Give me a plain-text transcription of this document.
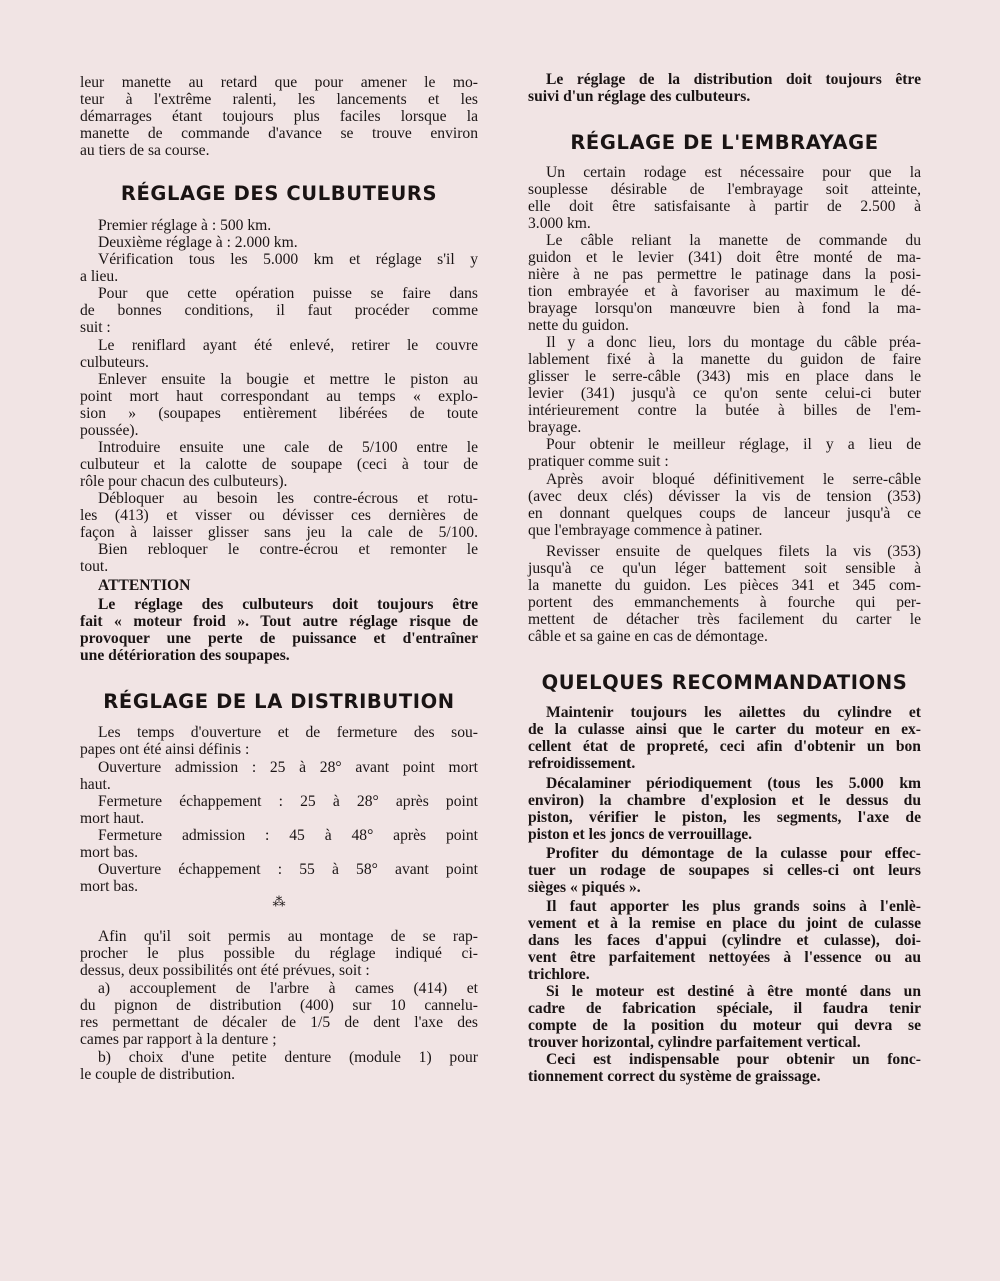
leur manette au retard que pour amener le mo-
teur à l'extrême ralenti, les lancements et les
démarrages étant toujours plus faciles lorsque la
manette de commande d'avance se trouve environ
au tiers de sa course.
RÉGLAGE DES CULBUTEURS
Premier réglage à : 500 km.
Deuxième réglage à : 2.000 km.
Vérification tous les 5.000 km et réglage s'il y
a lieu.
Pour que cette opération puisse se faire dans
de bonnes conditions, il faut procéder comme
suit :
Le reniflard ayant été enlevé, retirer le couvre
culbuteurs.
Enlever ensuite la bougie et mettre le piston au
point mort haut correspondant au temps « explo-
sion » (soupapes entièrement libérées de toute
poussée).
Introduire ensuite une cale de 5/100 entre le
culbuteur et la calotte de soupape (ceci à tour de
rôle pour chacun des culbuteurs).
Débloquer au besoin les contre-écrous et rotu-
les (413) et visser ou dévisser ces dernières de
façon à laisser glisser sans jeu la cale de 5/100.
Bien rebloquer le contre-écrou et remonter le
tout.
ATTENTION
Le réglage des culbuteurs doit toujours être
fait « moteur froid ». Tout autre réglage risque de
provoquer une perte de puissance et d'entraîner
une détérioration des soupapes.
RÉGLAGE DE LA DISTRIBUTION
Les temps d'ouverture et de fermeture des sou-
papes ont été ainsi définis :
Ouverture admission : 25 à 28° avant point mort
haut.
Fermeture échappement : 25 à 28° après point
mort haut.
Fermeture admission : 45 à 48° après point
mort bas.
Ouverture échappement : 55 à 58° avant point
mort bas.
⁂
Afin qu'il soit permis au montage de se rap-
procher le plus possible du réglage indiqué ci-
dessus, deux possibilités ont été prévues, soit :
a) accouplement de l'arbre à cames (414) et
du pignon de distribution (400) sur 10 cannelu-
res permettant de décaler de 1/5 de dent l'axe des
cames par rapport à la denture ;
b) choix d'une petite denture (module 1) pour
le couple de distribution.
Le réglage de la distribution doit toujours être
suivi d'un réglage des culbuteurs.
RÉGLAGE DE L'EMBRAYAGE
Un certain rodage est nécessaire pour que la
souplesse désirable de l'embrayage soit atteinte,
elle doit être satisfaisante à partir de 2.500 à
3.000 km.
Le câble reliant la manette de commande du
guidon et le levier (341) doit être monté de ma-
nière à ne pas permettre le patinage dans la posi-
tion embrayée et à favoriser au maximum le dé-
brayage lorsqu'on manœuvre bien à fond la ma-
nette du guidon.
Il y a donc lieu, lors du montage du câble préa-
lablement fixé à la manette du guidon de faire
glisser le serre-câble (343) mis en place dans le
levier (341) jusqu'à ce qu'on sente celui-ci buter
intérieurement contre la butée à billes de l'em-
brayage.
Pour obtenir le meilleur réglage, il y a lieu de
pratiquer comme suit :
Après avoir bloqué définitivement le serre-câble
(avec deux clés) dévisser la vis de tension (353)
en donnant quelques coups de lanceur jusqu'à ce
que l'embrayage commence à patiner.
Revisser ensuite de quelques filets la vis (353)
jusqu'à ce qu'un léger battement soit sensible à
la manette du guidon. Les pièces 341 et 345 com-
portent des emmanchements à fourche qui per-
mettent de détacher très facilement du carter le
câble et sa gaine en cas de démontage.
QUELQUES RECOMMANDATIONS
Maintenir toujours les ailettes du cylindre et
de la culasse ainsi que le carter du moteur en ex-
cellent état de propreté, ceci afin d'obtenir un bon
refroidissement.
Décalaminer périodiquement (tous les 5.000 km
environ) la chambre d'explosion et le dessus du
piston, vérifier le piston, les segments, l'axe de
piston et les joncs de verrouillage.
Profiter du démontage de la culasse pour effec-
tuer un rodage de soupapes si celles-ci ont leurs
sièges « piqués ».
Il faut apporter les plus grands soins à l'enlè-
vement et à la remise en place du joint de culasse
dans les faces d'appui (cylindre et culasse), doi-
vent être parfaitement nettoyées à l'essence ou au
trichlore.
Si le moteur est destiné à être monté dans un
cadre de fabrication spéciale, il faudra tenir
compte de la position du moteur qui devra se
trouver horizontal, cylindre parfaitement vertical.
Ceci est indispensable pour obtenir un fonc-
tionnement correct du système de graissage.
